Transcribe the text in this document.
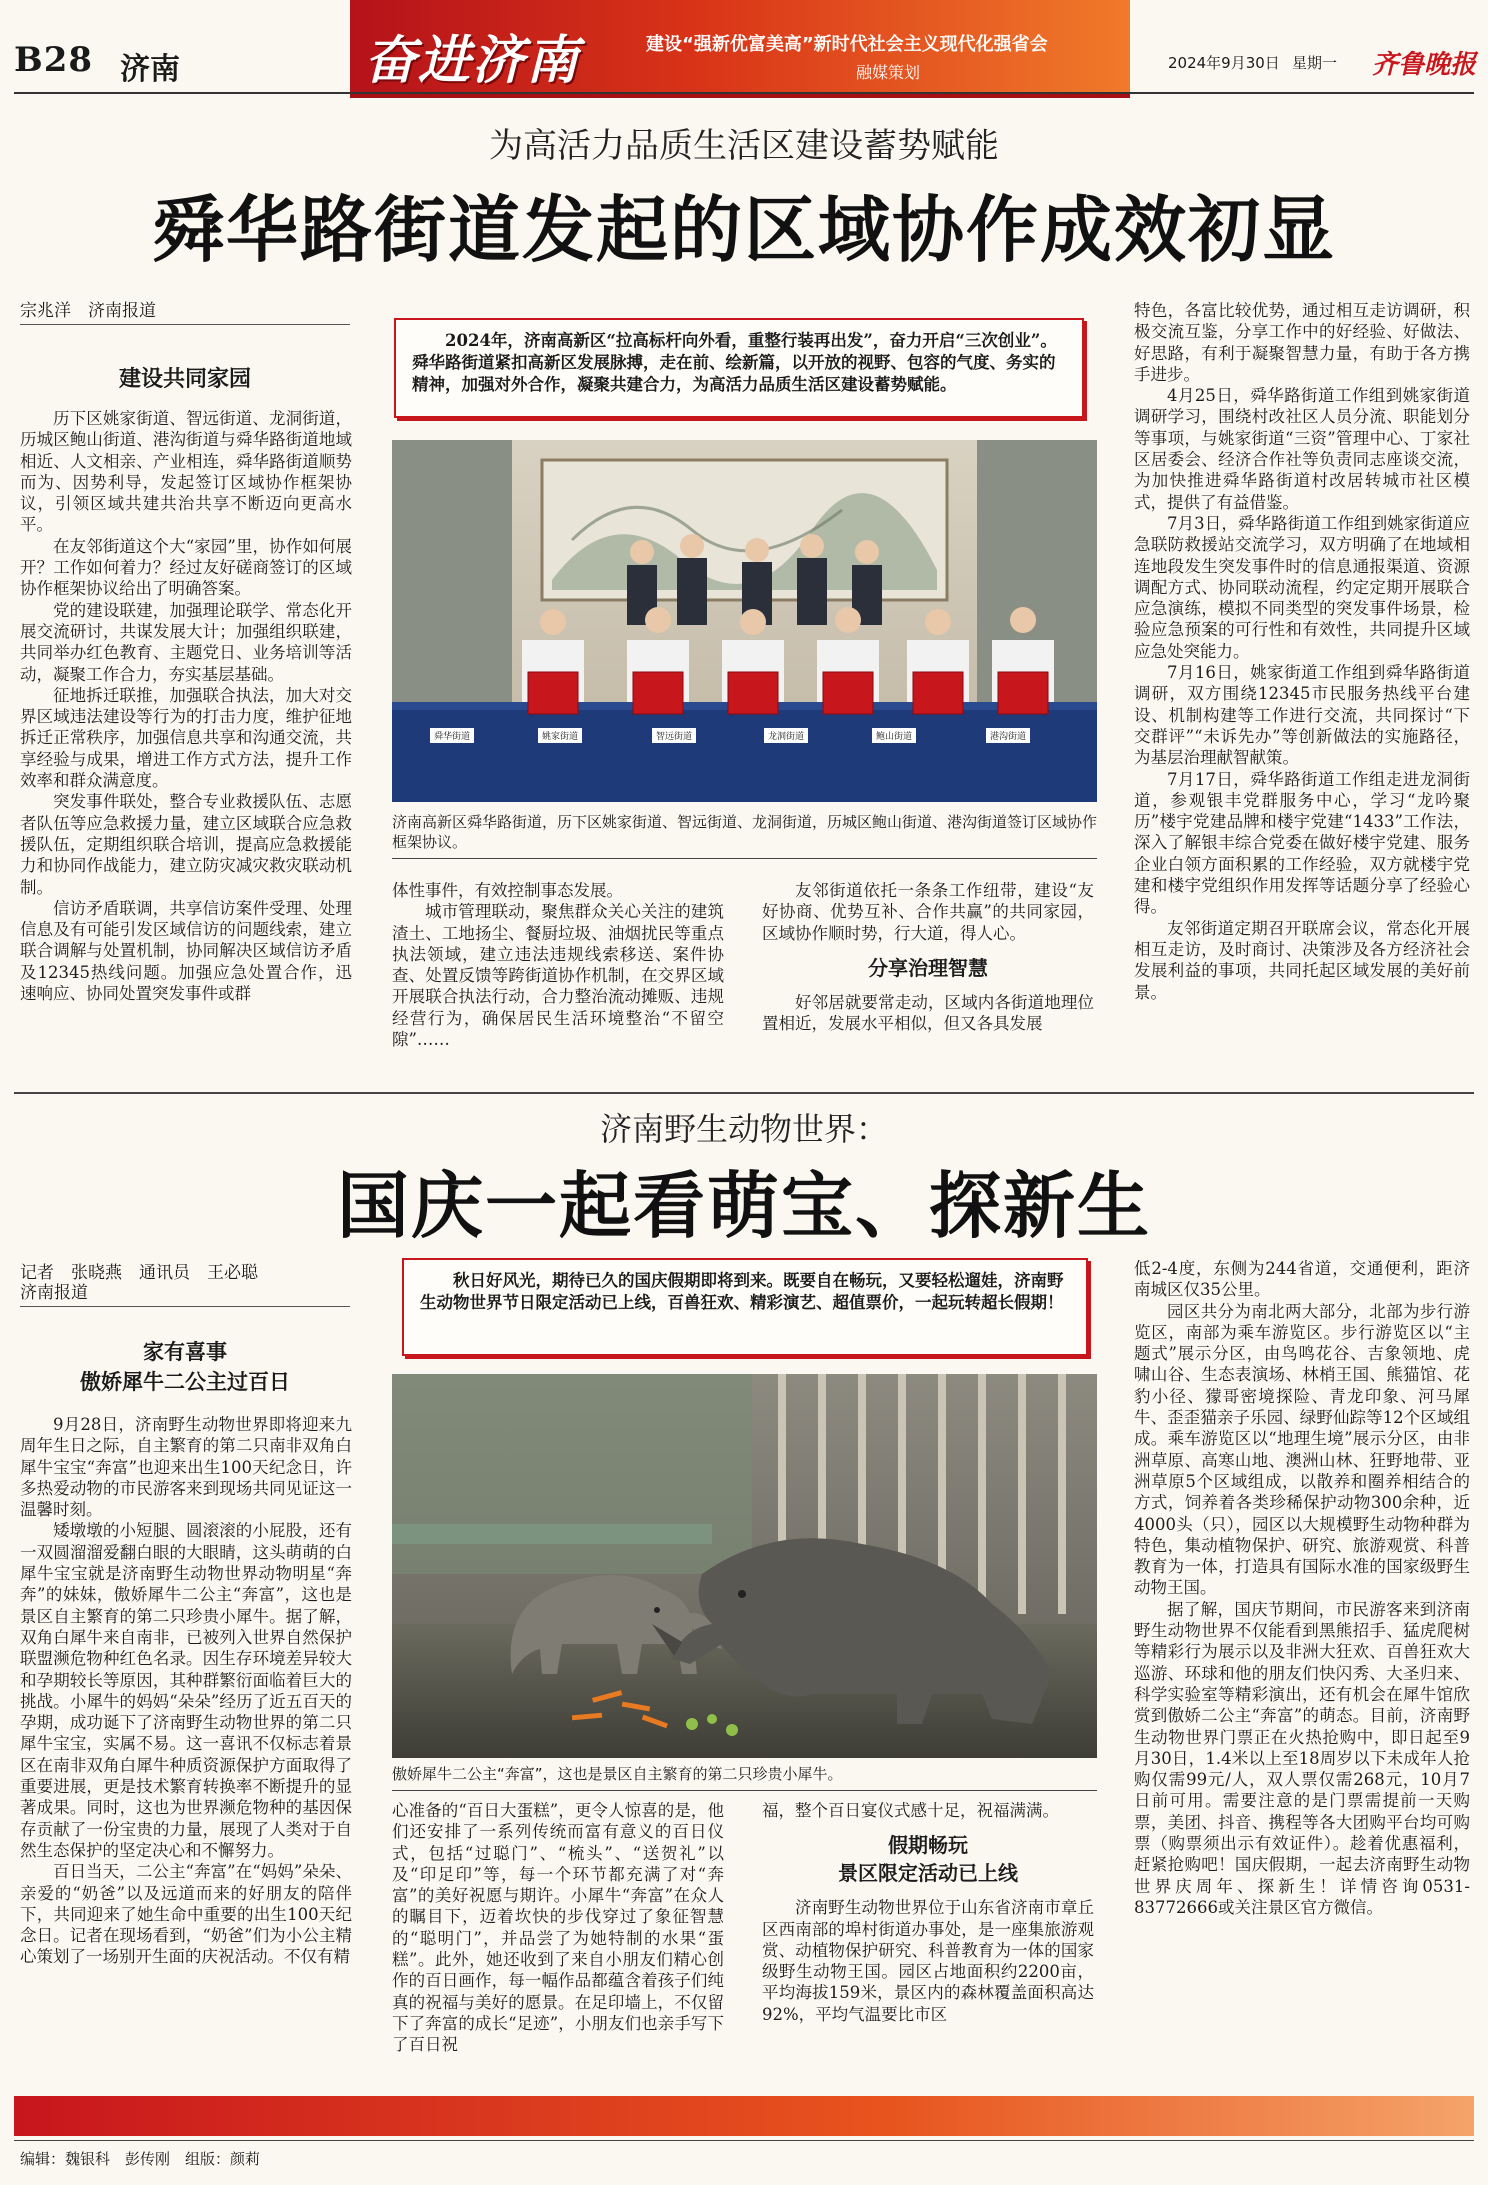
B28 济南	奋进济南	建设“强新优富美高”新时代社会主义现代化强省会
融媒策划	2024年9月30日 星期一 齐鲁晚报
为高活力品质生活区建设蓄势赋能
舜华路街道发起的区域协作成效初显
宗兆洋　济南报道
建设共同家园

历下区姚家街道、智远街道、龙洞街道，历城区鲍山街道、港沟街道与舜华路街道地域相近、人文相亲、产业相连，舜华路街道顺势而为、因势利导，发起签订区域协作框架协议，引领区域共建共治共享不断迈向更高水平。

在友邻街道这个大“家园”里，协作如何展开？工作如何着力？经过友好磋商签订的区域协作框架协议给出了明确答案。

党的建设联建，加强理论联学、常态化开展交流研讨，共谋发展大计；加强组织联建，共同举办红色教育、主题党日、业务培训等活动，凝聚工作合力，夯实基层基础。

征地拆迁联推，加强联合执法，加大对交界区域违法建设等行为的打击力度，维护征地拆迁正常秩序，加强信息共享和沟通交流，共享经验与成果，增进工作方式方法，提升工作效率和群众满意度。

突发事件联处，整合专业救援队伍、志愿者队伍等应急救援力量，建立区域联合应急救援队伍，定期组织联合培训，提高应急救援能力和协同作战能力，建立防灾减灾救灾联动机制。

信访矛盾联调，共享信访案件受理、处理信息及有可能引发区域信访的问题线索，建立联合调解与处置机制，协同解决区域信访矛盾及12345热线问题。加强应急处置合作，迅速响应、协同处置突发事件或群

2024年，济南高新区“拉高标杆向外看，重整行装再出发”，奋力开启“三次创业”。舜华路街道紧扣高新区发展脉搏，走在前、绘新篇，以开放的视野、包容的气度、务实的精神，加强对外合作，凝聚共建合力，为高活力品质生活区建设蓄势赋能。
舜华街道	姚家街道	智远街道	龙洞街道	鲍山街道	港沟街道
济南高新区舜华路街道，历下区姚家街道、智远街道、龙洞街道，历城区鲍山街道、港沟街道签订区域协作框架协议。

体性事件，有效控制事态发展。

城市管理联动，聚焦群众关心关注的建筑渣土、工地扬尘、餐厨垃圾、油烟扰民等重点执法领域，建立违法违规线索移送、案件协查、处置反馈等跨街道协作机制，在交界区域开展联合执法行动，合力整治流动摊贩、违规经营行为，确保居民生活环境整治“不留空隙”……

友邻街道依托一条条工作纽带，建设“友好协商、优势互补、合作共赢”的共同家园，区域协作顺时势，行大道，得人心。

分享治理智慧

好邻居就要常走动，区域内各街道地理位置相近，发展水平相似，但又各具发展

特色，各富比较优势，通过相互走访调研，积极交流互鉴，分享工作中的好经验、好做法、好思路，有利于凝聚智慧力量，有助于各方携手进步。

4月25日，舜华路街道工作组到姚家街道调研学习，围绕村改社区人员分流、职能划分等事项，与姚家街道“三资”管理中心、丁家社区居委会、经济合作社等负责同志座谈交流，为加快推进舜华路街道村改居转城市社区模式，提供了有益借鉴。

7月3日，舜华路街道工作组到姚家街道应急联防救援站交流学习，双方明确了在地域相连地段发生突发事件时的信息通报渠道、资源调配方式、协同联动流程，约定定期开展联合应急演练，模拟不同类型的突发事件场景，检验应急预案的可行性和有效性，共同提升区域应急处突能力。

7月16日，姚家街道工作组到舜华路街道调研，双方围绕12345市民服务热线平台建设、机制构建等工作进行交流，共同探讨“下交群评”“未诉先办”等创新做法的实施路径，为基层治理献智献策。

7月17日，舜华路街道工作组走进龙洞街道，参观银丰党群服务中心，学习“龙吟聚历”楼宇党建品牌和楼宇党建“1433”工作法，深入了解银丰综合党委在做好楼宇党建、服务企业白领方面积累的工作经验，双方就楼宇党建和楼宇党组织作用发挥等话题分享了经验心得。

友邻街道定期召开联席会议，常态化开展相互走访，及时商讨、决策涉及各方经济社会发展利益的事项，共同托起区域发展的美好前景。

济南野生动物世界：
国庆一起看萌宝、探新生
记者　张晓燕　通讯员　王必聪
济南报道
家有喜事
傲娇犀牛二公主过百日

9月28日，济南野生动物世界即将迎来九周年生日之际，自主繁育的第二只南非双角白犀牛宝宝“奔富”也迎来出生100天纪念日，许多热爱动物的市民游客来到现场共同见证这一温馨时刻。

矮墩墩的小短腿、圆滚滚的小屁股，还有一双圆溜溜爱翻白眼的大眼睛，这头萌萌的白犀牛宝宝就是济南野生动物世界动物明星“奔奔”的妹妹，傲娇犀牛二公主“奔富”，这也是景区自主繁育的第二只珍贵小犀牛。据了解，双角白犀牛来自南非，已被列入世界自然保护联盟濒危物种红色名录。因生存环境差异较大和孕期较长等原因，其种群繁衍面临着巨大的挑战。小犀牛的妈妈“朵朵”经历了近五百天的孕期，成功诞下了济南野生动物世界的第二只犀牛宝宝，实属不易。这一喜讯不仅标志着景区在南非双角白犀牛种质资源保护方面取得了重要进展，更是技术繁育转换率不断提升的显著成果。同时，这也为世界濒危物种的基因保存贡献了一份宝贵的力量，展现了人类对于自然生态保护的坚定决心和不懈努力。

百日当天，二公主“奔富”在“妈妈”朵朵、亲爱的“奶爸”以及远道而来的好朋友的陪伴下，共同迎来了她生命中重要的出生100天纪念日。记者在现场看到，“奶爸”们为小公主精心策划了一场别开生面的庆祝活动。不仅有精

秋日好风光，期待已久的国庆假期即将到来。既要自在畅玩，又要轻松遛娃，济南野生动物世界节日限定活动已上线，百兽狂欢、精彩演艺、超值票价，一起玩转超长假期！
傲娇犀牛二公主“奔富”，这也是景区自主繁育的第二只珍贵小犀牛。

心准备的“百日大蛋糕”，更令人惊喜的是，他们还安排了一系列传统而富有意义的百日仪式，包括“过聪门”、“梳头”、“送贺礼”以及“印足印”等，每一个环节都充满了对“奔富”的美好祝愿与期许。小犀牛“奔富”在众人的瞩目下，迈着坎快的步伐穿过了象征智慧的“聪明门”，并品尝了为她特制的水果“蛋糕”。此外，她还收到了来自小朋友们精心创作的百日画作，每一幅作品都蕴含着孩子们纯真的祝福与美好的愿景。在足印墙上，不仅留下了奔富的成长“足迹”，小朋友们也亲手写下了百日祝

福，整个百日宴仪式感十足，祝福满满。

假期畅玩

景区限定活动已上线

济南野生动物世界位于山东省济南市章丘区西南部的埠村街道办事处，是一座集旅游观赏、动植物保护研究、科普教育为一体的国家级野生动物王国。园区占地面积约2200亩，平均海拔159米，景区内的森林覆盖面积高达92%，平均气温要比市区

低2-4度，东侧为244省道，交通便利，距济南城区仅35公里。

园区共分为南北两大部分，北部为步行游览区，南部为乘车游览区。步行游览区以“主题式”展示分区，由鸟鸣花谷、吉象领地、虎啸山谷、生态表演场、林梢王国、熊猫馆、花豹小径、獴哥密境探险、青龙印象、河马犀牛、歪歪猫亲子乐园、绿野仙踪等12个区域组成。乘车游览区以“地理生境”展示分区，由非洲草原、高寒山地、澳洲山林、狂野地带、亚洲草原5个区域组成，以散养和圈养相结合的方式，饲养着各类珍稀保护动物300余种，近4000头（只），园区以大规模野生动物种群为特色，集动植物保护、研究、旅游观赏、科普教育为一体，打造具有国际水准的国家级野生动物王国。

据了解，国庆节期间，市民游客来到济南野生动物世界不仅能看到黑熊招手、猛虎爬树等精彩行为展示以及非洲大狂欢、百兽狂欢大巡游、环球和他的朋友们快闪秀、大圣归来、科学实验室等精彩演出，还有机会在犀牛馆欣赏到傲娇二公主“奔富”的萌态。目前，济南野生动物世界门票正在火热抢购中，即日起至9月30日，1.4米以上至18周岁以下未成年人抢购仅需99元/人，双人票仅需268元，10月7日前可用。需要注意的是门票需提前一天购票，美团、抖音、携程等各大团购平台均可购票（购票须出示有效证件）。趁着优惠福利，赶紧抢购吧！国庆假期，一起去济南野生动物世界庆周年、探新生！详情咨询0531-83772666或关注景区官方微信。

编辑：魏银科　彭传刚　组版：颜莉
